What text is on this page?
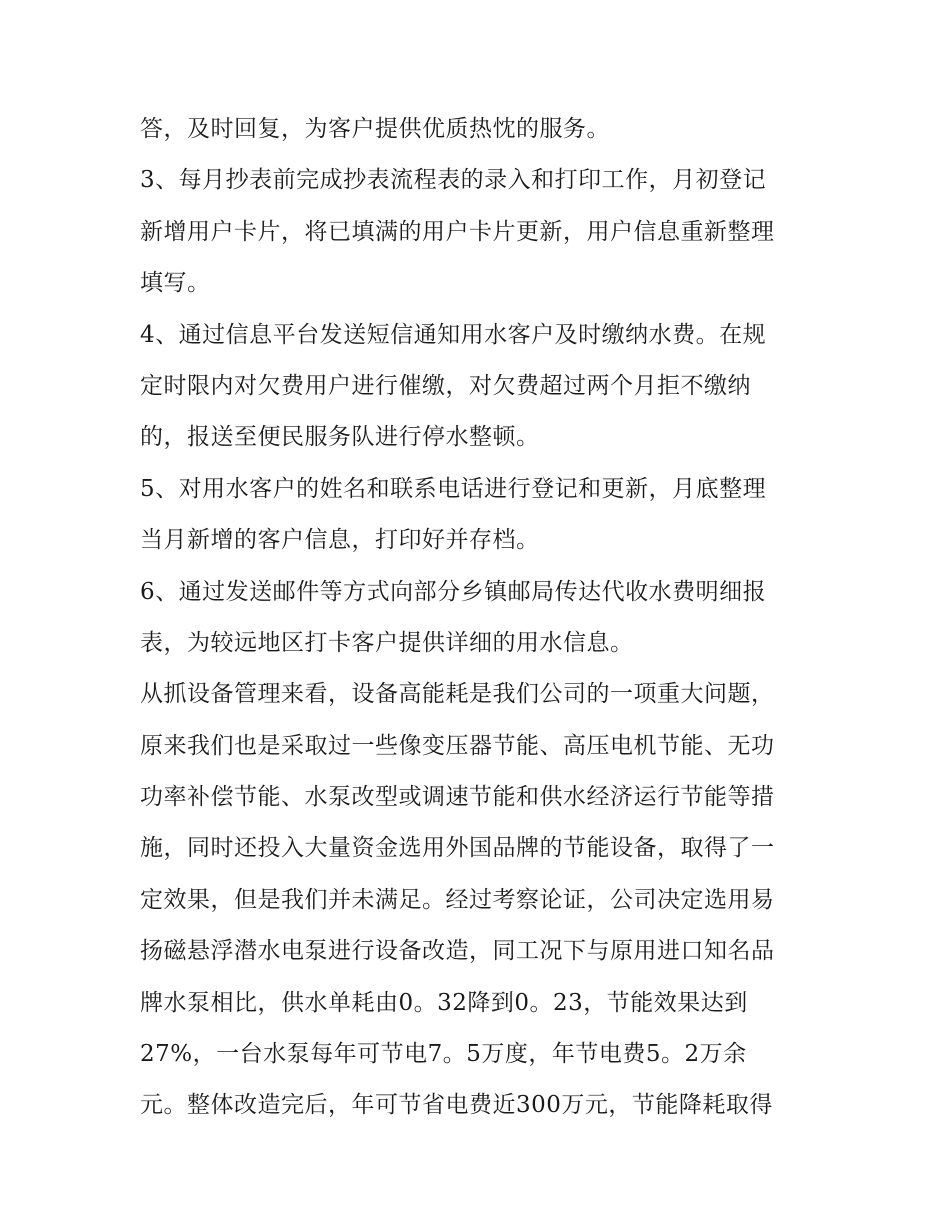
答，及时回复，为客户提供优质热忱的服务。
3、每月抄表前完成抄表流程表的录入和打印工作，月初登记
新增用户卡片，将已填满的用户卡片更新，用户信息重新整理
填写。
4、通过信息平台发送短信通知用水客户及时缴纳水费。在规
定时限内对欠费用户进行催缴，对欠费超过两个月拒不缴纳
的，报送至便民服务队进行停水整顿。
5、对用水客户的姓名和联系电话进行登记和更新，月底整理
当月新增的客户信息，打印好并存档。
6、通过发送邮件等方式向部分乡镇邮局传达代收水费明细报
表，为较远地区打卡客户提供详细的用水信息。
从抓设备管理来看，设备高能耗是我们公司的一项重大问题，
原来我们也是采取过一些像变压器节能、高压电机节能、无功
功率补偿节能、水泵改型或调速节能和供水经济运行节能等措
施，同时还投入大量资金选用外国品牌的节能设备，取得了一
定效果，但是我们并未满足。经过考察论证，公司决定选用易
扬磁悬浮潜水电泵进行设备改造，同工况下与原用进口知名品
牌水泵相比，供水单耗由0。32降到0。23，节能效果达到
27%，一台水泵每年可节电7。5万度，年节电费5。2万余
元。整体改造完后，年可节省电费近300万元，节能降耗取得
